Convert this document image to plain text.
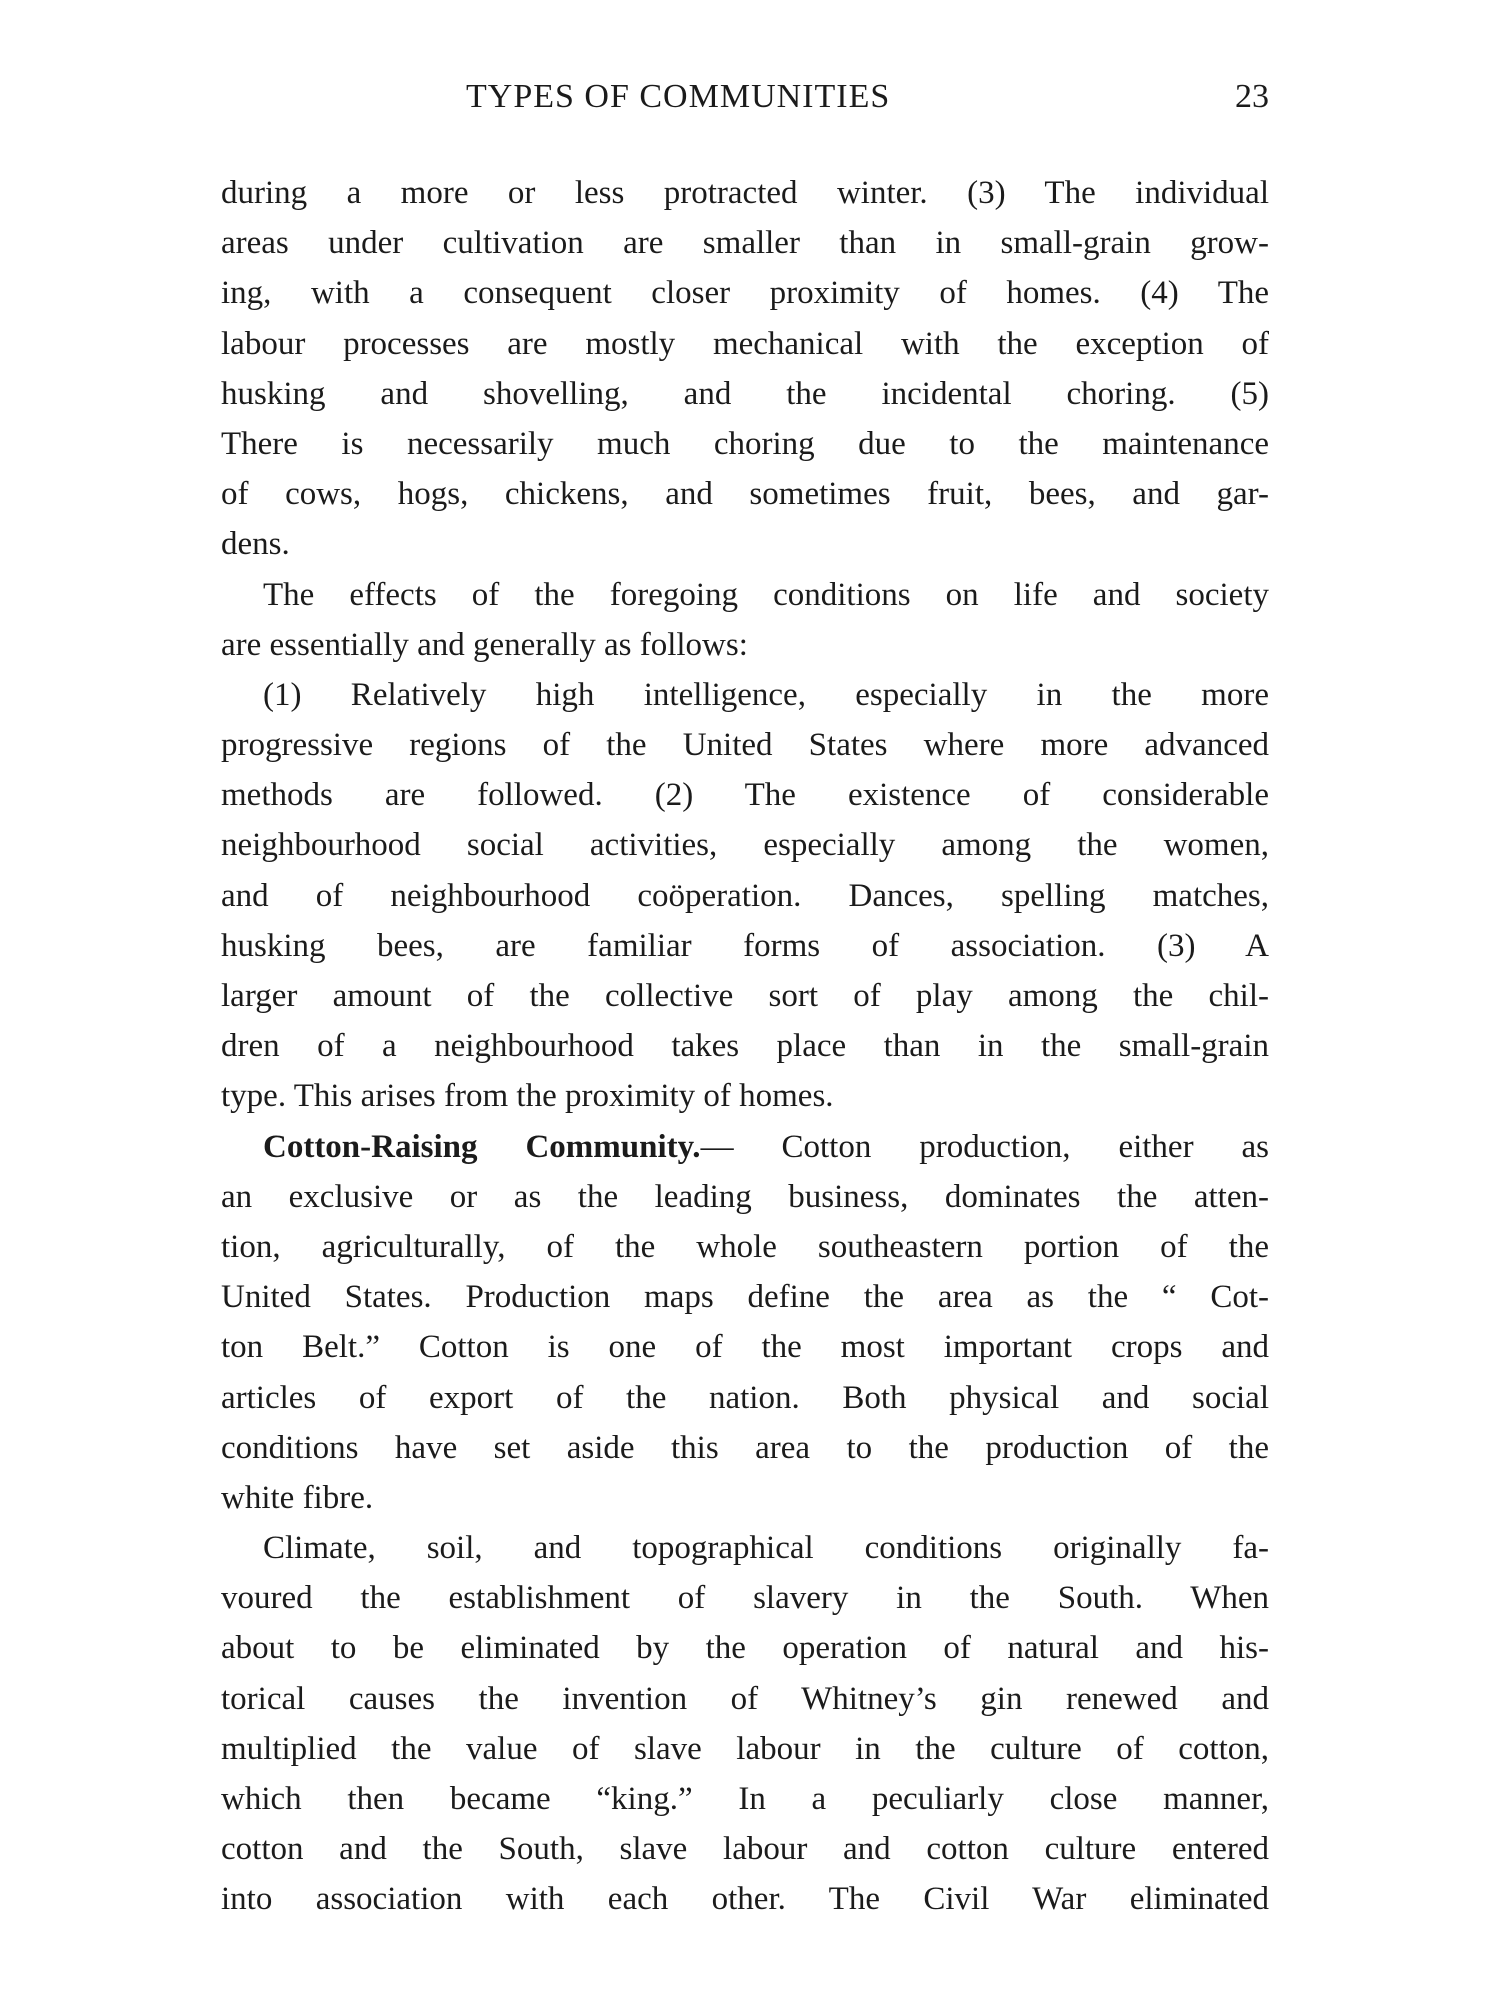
TYPES OF COMMUNITIES	23
during a more or less protracted winter. (3) The individual
areas under cultivation are smaller than in small-grain grow-
ing, with a consequent closer proximity of homes. (4) The
labour processes are mostly mechanical with the exception of
husking and shovelling, and the incidental choring. (5)
There is necessarily much choring due to the maintenance
of cows, hogs, chickens, and sometimes fruit, bees, and gar-
dens.
The effects of the foregoing conditions on life and society
are essentially and generally as follows:
(1) Relatively high intelligence, especially in the more
progressive regions of the United States where more advanced
methods are followed. (2) The existence of considerable
neighbourhood social activities, especially among the women,
and of neighbourhood coöperation. Dances, spelling matches,
husking bees, are familiar forms of association. (3) A
larger amount of the collective sort of play among the chil-
dren of a neighbourhood takes place than in the small-grain
type. This arises from the proximity of homes.
Cotton-Raising Community.— Cotton production, either as
an exclusive or as the leading business, dominates the atten-
tion, agriculturally, of the whole southeastern portion of the
United States. Production maps define the area as the “ Cot-
ton Belt.” Cotton is one of the most important crops and
articles of export of the nation. Both physical and social
conditions have set aside this area to the production of the
white fibre.
Climate, soil, and topographical conditions originally fa-
voured the establishment of slavery in the South. When
about to be eliminated by the operation of natural and his-
torical causes the invention of Whitney’s gin renewed and
multiplied the value of slave labour in the culture of cotton,
which then became “king.” In a peculiarly close manner,
cotton and the South, slave labour and cotton culture entered
into association with each other. The Civil War eliminated
